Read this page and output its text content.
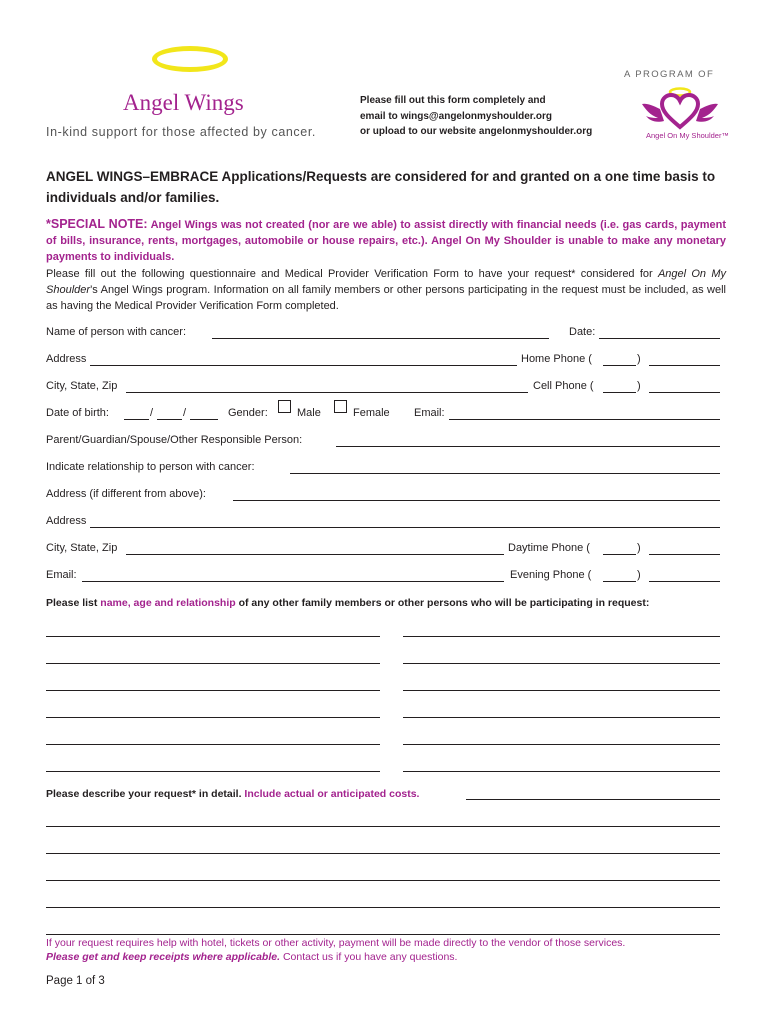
Angel Wings
In-kind support for those affected by cancer.
Please fill out this form completely and
email to wings@angelonmyshoulder.org
or upload to our website angelonmyshoulder.org
A PROGRAM OF
Angel On My Shoulder™
ANGEL WINGS–EMBRACE Applications/Requests are considered for and granted on a one time basis to individuals and/or families.
*SPECIAL NOTE: Angel Wings was not created (nor are we able) to assist directly with financial needs (i.e. gas cards, payment of bills, insurance, rents, mortgages, automobile or house repairs, etc.). Angel On My Shoulder is unable to make any monetary payments to individuals.
Please fill out the following questionnaire and Medical Provider Verification Form to have your request* considered for Angel On My Shoulder’s Angel Wings program. Information on all family members or other persons participating in the request must be included, as well as having the Medical Provider Verification Form completed.
Name of person with cancer:	Date:
Address	Home Phone (	)
City, State, Zip	Cell Phone (	)
Date of birth:	/	/	Gender:	Male	Female Email:
Parent/Guardian/Spouse/Other Responsible Person:
Indicate relationship to person with cancer:
Address (if different from above):
Address
City, State, Zip	Daytime Phone (	)
Email:	Evening Phone (	)
Please list name, age and relationship of any other family members or other persons who will be participating in request:
Please describe your request* in detail. Include actual or anticipated costs.
If your request requires help with hotel, tickets or other activity, payment will be made directly to the vendor of those services.
Please get and keep receipts where applicable. Contact us if you have any questions.
Page 1 of 3
